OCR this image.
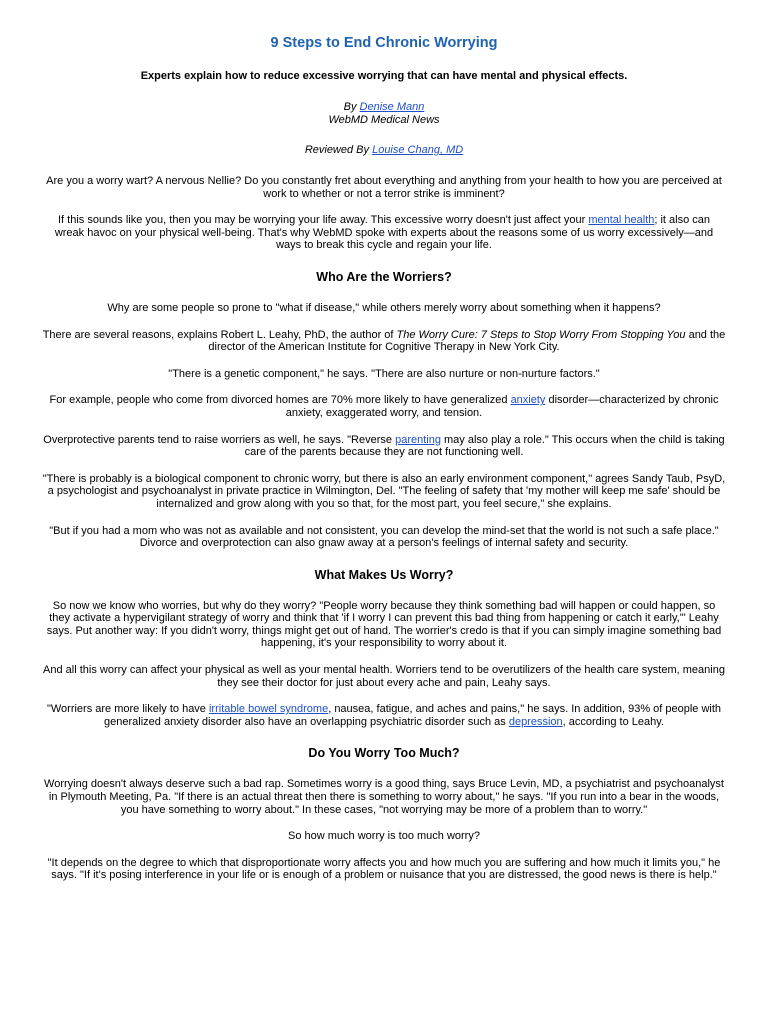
9 Steps to End Chronic Worrying
Experts explain how to reduce excessive worrying that can have mental and physical effects.
By Denise Mann
WebMD Medical News
Reviewed By Louise Chang, MD

Are you a worry wart? A nervous Nellie? Do you constantly fret about everything and anything from your health to how you are perceived at work to whether or not a terror strike is imminent?

If this sounds like you, then you may be worrying your life away. This excessive worry doesn't just affect your mental health; it also can wreak havoc on your physical well-being. That's why WebMD spoke with experts about the reasons some of us worry excessively—and ways to break this cycle and regain your life.

Who Are the Worriers?

Why are some people so prone to "what if disease," while others merely worry about something when it happens?

There are several reasons, explains Robert L. Leahy, PhD, the author of The Worry Cure: 7 Steps to Stop Worry From Stopping You and the director of the American Institute for Cognitive Therapy in New York City.

"There is a genetic component," he says. "There are also nurture or non-nurture factors."

For example, people who come from divorced homes are 70% more likely to have generalized anxiety disorder—characterized by chronic anxiety, exaggerated worry, and tension.

Overprotective parents tend to raise worriers as well, he says. "Reverse parenting may also play a role." This occurs when the child is taking care of the parents because they are not functioning well.

"There is probably is a biological component to chronic worry, but there is also an early environment component," agrees Sandy Taub, PsyD, a psychologist and psychoanalyst in private practice in Wilmington, Del. "The feeling of safety that 'my mother will keep me safe' should be internalized and grow along with you so that, for the most part, you feel secure," she explains.

"But if you had a mom who was not as available and not consistent, you can develop the mind-set that the world is not such a safe place." Divorce and overprotection can also gnaw away at a person's feelings of internal safety and security.

What Makes Us Worry?

So now we know who worries, but why do they worry? "People worry because they think something bad will happen or could happen, so they activate a hypervigilant strategy of worry and think that 'if I worry I can prevent this bad thing from happening or catch it early,'" Leahy says. Put another way: If you didn't worry, things might get out of hand. The worrier's credo is that if you can simply imagine something bad happening, it's your responsibility to worry about it.

And all this worry can affect your physical as well as your mental health. Worriers tend to be overutilizers of the health care system, meaning they see their doctor for just about every ache and pain, Leahy says.

"Worriers are more likely to have irritable bowel syndrome, nausea, fatigue, and aches and pains," he says. In addition, 93% of people with generalized anxiety disorder also have an overlapping psychiatric disorder such as depression, according to Leahy.

Do You Worry Too Much?

Worrying doesn't always deserve such a bad rap. Sometimes worry is a good thing, says Bruce Levin, MD, a psychiatrist and psychoanalyst in Plymouth Meeting, Pa. "If there is an actual threat then there is something to worry about," he says. "If you run into a bear in the woods, you have something to worry about." In these cases, "not worrying may be more of a problem than to worry."

So how much worry is too much worry?

"It depends on the degree to which that disproportionate worry affects you and how much you are suffering and how much it limits you," he says. "If it's posing interference in your life or is enough of a problem or nuisance that you are distressed, the good news is there is help."
